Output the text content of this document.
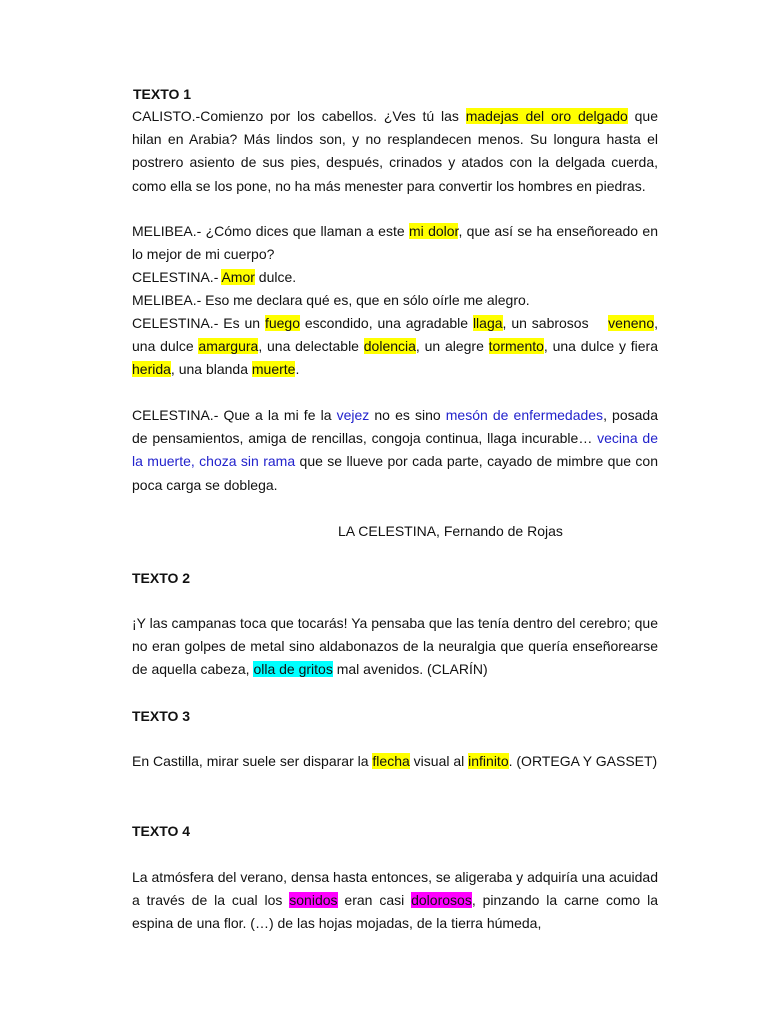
TEXTO 1

CALISTO.-Comienzo por los cabellos. ¿Ves tú las madejas del oro delgado que hilan en Arabia? Más lindos son, y no resplandecen menos. Su longura hasta el postrero asiento de sus pies, después, crinados y atados con la delgada cuerda, como ella se los pone, no ha más menester para convertir los hombres en piedras.

MELIBEA.- ¿Cómo dices que llaman a este mi dolor, que así se ha enseñoreado en lo mejor de mi cuerpo?

CELESTINA.- Amor dulce.

MELIBEA.- Eso me declara qué es, que en sólo oírle me alegro.

CELESTINA.- Es un fuego escondido, una agradable llaga, un sabrosos    veneno, una dulce amargura, una delectable dolencia, un alegre tormento, una dulce y fiera herida, una blanda muerte.

CELESTINA.- Que a la mi fe la vejez no es sino mesón de enfermedades, posada de pensamientos, amiga de rencillas, congoja continua, llaga incurable… vecina de la muerte, choza sin rama que se llueve por cada parte, cayado de mimbre que con poca carga se doblega.

LA CELESTINA, Fernando de Rojas

TEXTO 2

¡Y las campanas toca que tocarás! Ya pensaba que las tenía dentro del cerebro; que no eran golpes de metal sino aldabonazos de la neuralgia que quería enseñorearse de aquella cabeza, olla de gritos mal avenidos. (CLARÍN)

TEXTO 3

En Castilla, mirar suele ser disparar la flecha visual al infinito. (ORTEGA Y GASSET)

TEXTO 4

La atmósfera del verano, densa hasta entonces, se aligeraba y adquiría una acuidad a través de la cual los sonidos eran casi dolorosos, pinzando la carne como la espina de una flor. (…) de las hojas mojadas, de la tierra húmeda,
